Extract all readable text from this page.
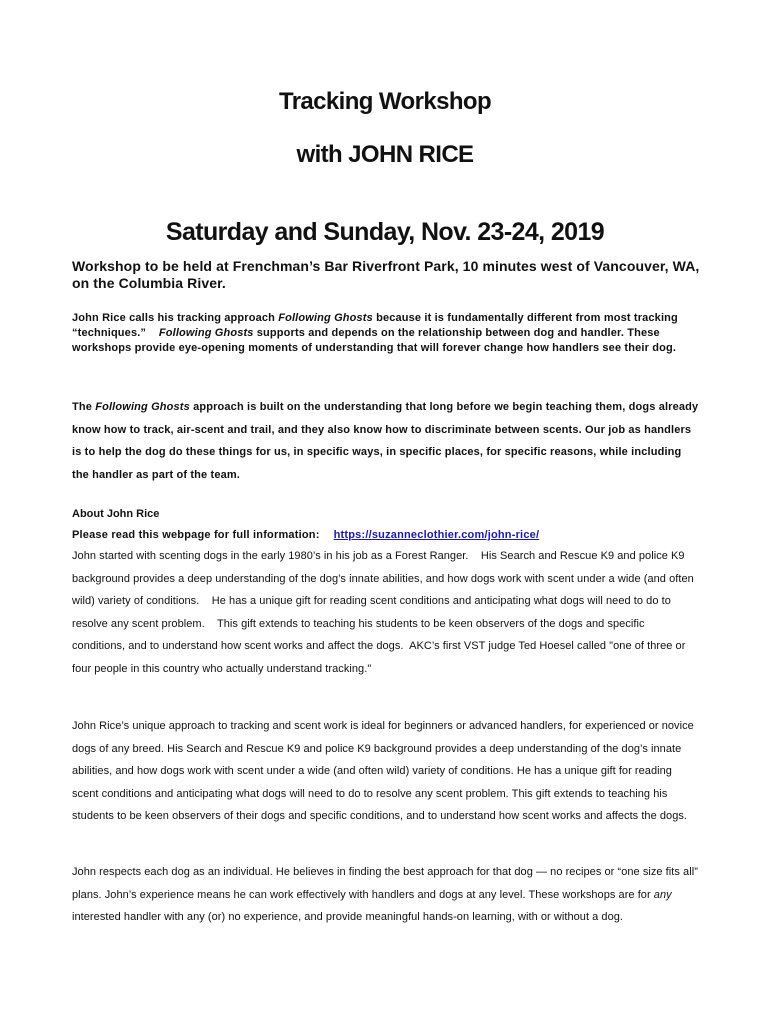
Tracking Workshop
with JOHN RICE
Saturday and Sunday, Nov. 23-24, 2019

Workshop to be held at Frenchman’s Bar Riverfront Park, 10 minutes west of Vancouver, WA, on the Columbia River.

John Rice calls his tracking approach Following Ghosts because it is fundamentally different from most tracking “techniques.”    Following Ghosts supports and depends on the relationship between dog and handler. These workshops provide eye-opening moments of understanding that will forever change how handlers see their dog.

The Following Ghosts approach is built on the understanding that long before we begin teaching them, dogs already know how to track, air-scent and trail, and they also know how to discriminate between scents. Our job as handlers is to help the dog do these things for us, in specific ways, in specific places, for specific reasons, while including the handler as part of the team.

About John Rice

Please read this webpage for full information: https://suzanneclothier.com/john-rice/

John started with scenting dogs in the early 1980’s in his job as a Forest Ranger.    His Search and Rescue K9 and police K9 background provides a deep understanding of the dog’s innate abilities, and how dogs work with scent under a wide (and often wild) variety of conditions.    He has a unique gift for reading scent conditions and anticipating what dogs will need to do to resolve any scent problem.    This gift extends to teaching his students to be keen observers of the dogs and specific conditions, and to understand how scent works and affect the dogs.  AKC’s first VST judge Ted Hoesel called "one of three or four people in this country who actually understand tracking."

John Rice’s unique approach to tracking and scent work is ideal for beginners or advanced handlers, for experienced or novice dogs of any breed. His Search and Rescue K9 and police K9 background provides a deep understanding of the dog’s innate abilities, and how dogs work with scent under a wide (and often wild) variety of conditions. He has a unique gift for reading scent conditions and anticipating what dogs will need to do to resolve any scent problem. This gift extends to teaching his students to be keen observers of their dogs and specific conditions, and to understand how scent works and affects the dogs.

John respects each dog as an individual. He believes in finding the best approach for that dog — no recipes or “one size fits all” plans. John’s experience means he can work effectively with handlers and dogs at any level. These workshops are for any interested handler with any (or) no experience, and provide meaningful hands-on learning, with or without a dog.
